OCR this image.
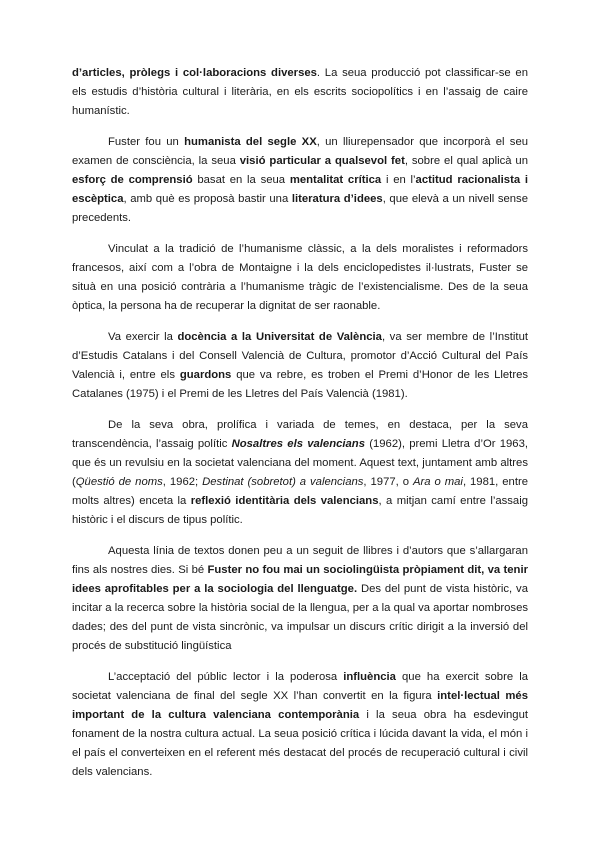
d’articles, pròlegs i col·laboracions diverses. La seua producció pot classificar-se en els estudis d’història cultural i literària, en els escrits sociopolítics i en l’assaig de caire humanístic.

Fuster fou un humanista del segle XX, un lliurepensador que incorporà el seu examen de consciència, la seua visió particular a qualsevol fet, sobre el qual aplicà un esforç de comprensió basat en la seua mentalitat crítica i en l’actitud racionalista i escèptica, amb què es proposà bastir una literatura d’idees, que elevà a un nivell sense precedents.

Vinculat a la tradició de l’humanisme clàssic, a la dels moralistes i reformadors francesos, així com a l’obra de Montaigne i la dels enciclopedistes il·lustrats, Fuster se situà en una posició contrària a l’humanisme tràgic de l’existencialisme. Des de la seua òptica, la persona ha de recuperar la dignitat de ser raonable.

Va exercir la docència a la Universitat de València, va ser membre de l’Institut d’Estudis Catalans i del Consell Valencià de Cultura, promotor d’Acció Cultural del País Valencià i, entre els guardons que va rebre, es troben el Premi d’Honor de les Lletres Catalanes (1975) i el Premi de les Lletres del País Valencià (1981).

De la seva obra, prolífica i variada de temes, en destaca, per la seva transcendència, l’assaig polític Nosaltres els valencians (1962), premi Lletra d’Or 1963, que és un revulsiu en la societat valenciana del moment. Aquest text, juntament amb altres (Qüestió de noms, 1962; Destinat (sobretot) a valencians, 1977, o Ara o mai, 1981, entre molts altres) enceta la reflexió identitària dels valencians, a mitjan camí entre l’assaig històric i el discurs de tipus polític.

Aquesta línia de textos donen peu a un seguit de llibres i d’autors que s’allargaran fins als nostres dies. Si bé Fuster no fou mai un sociolingüista pròpiament dit, va tenir idees aprofitables per a la sociologia del llenguatge. Des del punt de vista històric, va incitar a la recerca sobre la història social de la llengua, per a la qual va aportar nombroses dades; des del punt de vista sincrònic, va impulsar un discurs crític dirigit a la inversió del procés de substitució lingüística

L’acceptació del públic lector i la poderosa influència que ha exercit sobre la societat valenciana de final del segle XX l’han convertit en la figura intel·lectual més important de la cultura valenciana contemporània i la seua obra ha esdevingut fonament de la nostra cultura actual. La seua posició crítica i lúcida davant la vida, el món i el país el converteixen en el referent més destacat del procés de recuperació cultural i civil dels valencians.
